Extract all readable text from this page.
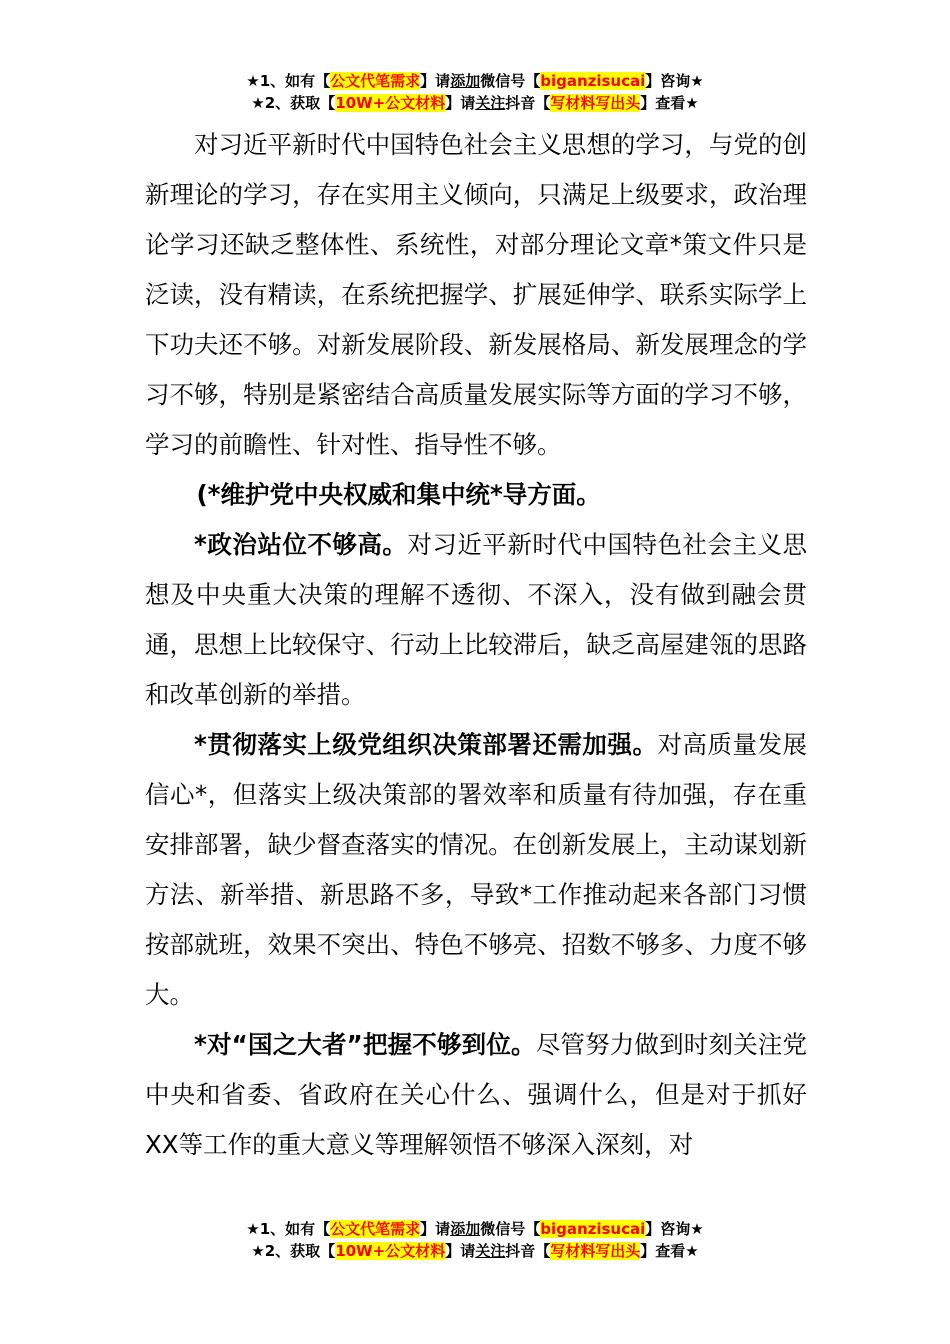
★1、如有【公文代笔需求】请添加微信号【biganzisucai】咨询★
★2、获取【10W+公文材料】请关注抖音【写材料写出头】查看★

对习近平新时代中国特色社会主义思想的学习，与党的创新理论的学习，存在实用主义倾向，只满足上级要求，政治理论学习还缺乏整体性、系统性，对部分理论文章*策文件只是泛读，没有精读，在系统把握学、扩展延伸学、联系实际学上下功夫还不够。对新发展阶段、新发展格局、新发展理念的学习不够，特别是紧密结合高质量发展实际等方面的学习不够，学习的前瞻性、针对性、指导性不够。

(*维护党中央权威和集中统*导方面。

*政治站位不够高。对习近平新时代中国特色社会主义思想及中央重大决策的理解不透彻、不深入，没有做到融会贯通，思想上比较保守、行动上比较滞后，缺乏高屋建瓴的思路和改革创新的举措。

*贯彻落实上级党组织决策部署还需加强。对高质量发展信心*，但落实上级决策部的署效率和质量有待加强，存在重安排部署，缺少督查落实的情况。在创新发展上，主动谋划新方法、新举措、新思路不多，导致*工作推动起来各部门习惯按部就班，效果不突出、特色不够亮、招数不够多、力度不够大。

*对“国之大者”把握不够到位。尽管努力做到时刻关注党中央和省委、省政府在关心什么、强调什么，但是对于抓好XX等工作的重大意义等理解领悟不够深入深刻，对

★1、如有【公文代笔需求】请添加微信号【biganzisucai】咨询★
★2、获取【10W+公文材料】请关注抖音【写材料写出头】查看★
